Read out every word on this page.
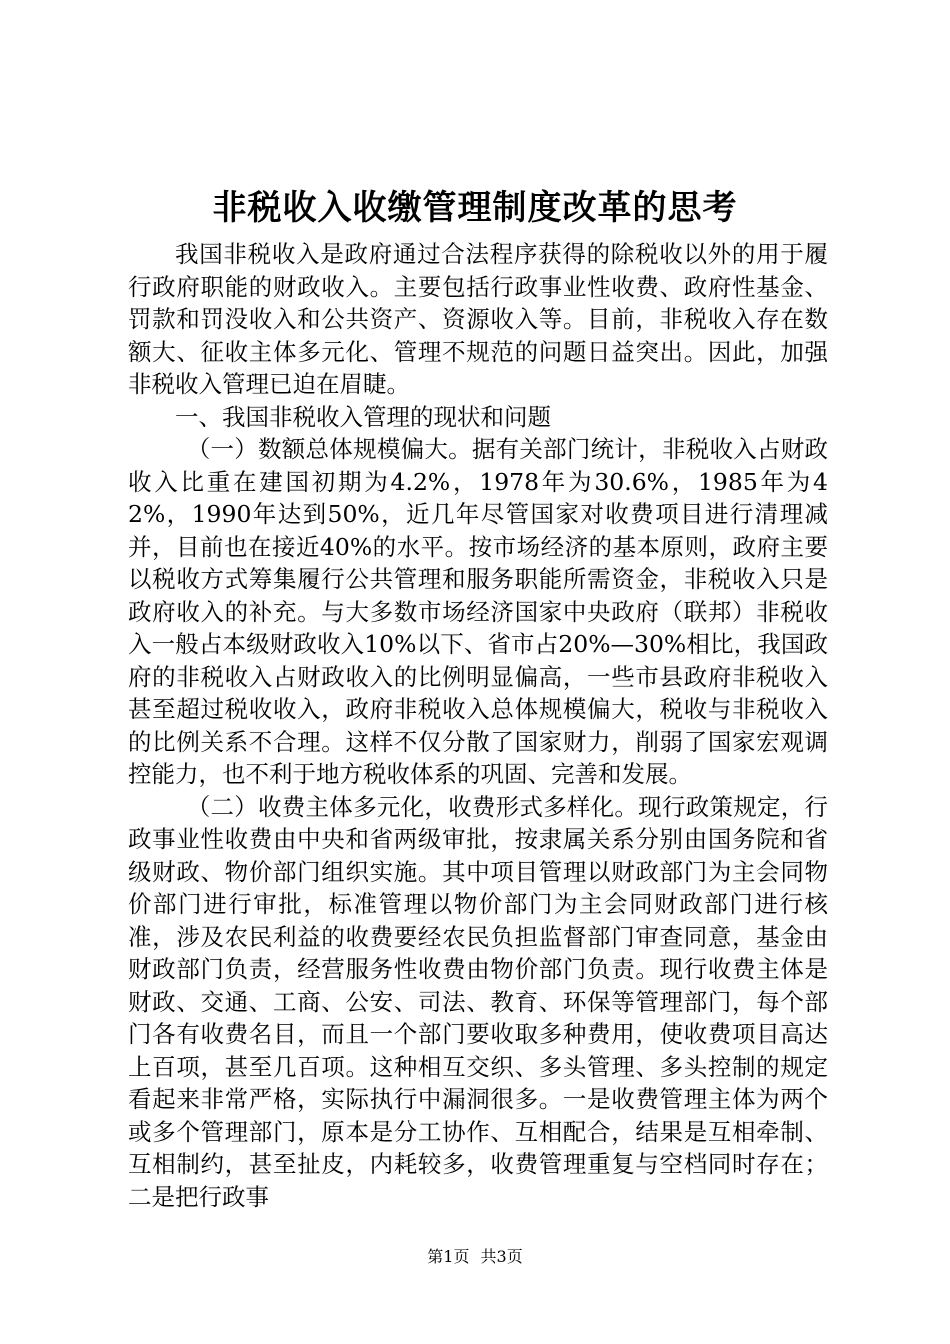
非税收入收缴管理制度改革的思考

我国非税收入是政府通过合法程序获得的除税收以外的用于履行政府职能的财政收入。主要包括行政事业性收费、政府性基金、罚款和罚没收入和公共资产、资源收入等。目前，非税收入存在数额大、征收主体多元化、管理不规范的问题日益突出。因此，加强非税收入管理已迫在眉睫。

一、我国非税收入管理的现状和问题

（一）数额总体规模偏大。据有关部门统计，非税收入占财政收入比重在建国初期为4.2%，1978年为30.6%，1985年为42%，1990年达到50%，近几年尽管国家对收费项目进行清理减并，目前也在接近40%的水平。按市场经济的基本原则，政府主要以税收方式筹集履行公共管理和服务职能所需资金，非税收入只是政府收入的补充。与大多数市场经济国家中央政府（联邦）非税收入一般占本级财政收入10%以下、省市占20%—30%相比，我国政府的非税收入占财政收入的比例明显偏高，一些市县政府非税收入甚至超过税收收入，政府非税收入总体规模偏大，税收与非税收入的比例关系不合理。这样不仅分散了国家财力，削弱了国家宏观调控能力，也不利于地方税收体系的巩固、完善和发展。

（二）收费主体多元化，收费形式多样化。现行政策规定，行政事业性收费由中央和省两级审批，按隶属关系分别由国务院和省级财政、物价部门组织实施。其中项目管理以财政部门为主会同物价部门进行审批，标准管理以物价部门为主会同财政部门进行核准，涉及农民利益的收费要经农民负担监督部门审查同意，基金由财政部门负责，经营服务性收费由物价部门负责。现行收费主体是财政、交通、工商、公安、司法、教育、环保等管理部门，每个部门各有收费名目，而且一个部门要收取多种费用，使收费项目高达上百项，甚至几百项。这种相互交织、多头管理、多头控制的规定看起来非常严格，实际执行中漏洞很多。一是收费管理主体为两个或多个管理部门，原本是分工协作、互相配合，结果是互相牵制、互相制约，甚至扯皮，内耗较多，收费管理重复与空档同时存在；二是把行政事

第1页 共3页
